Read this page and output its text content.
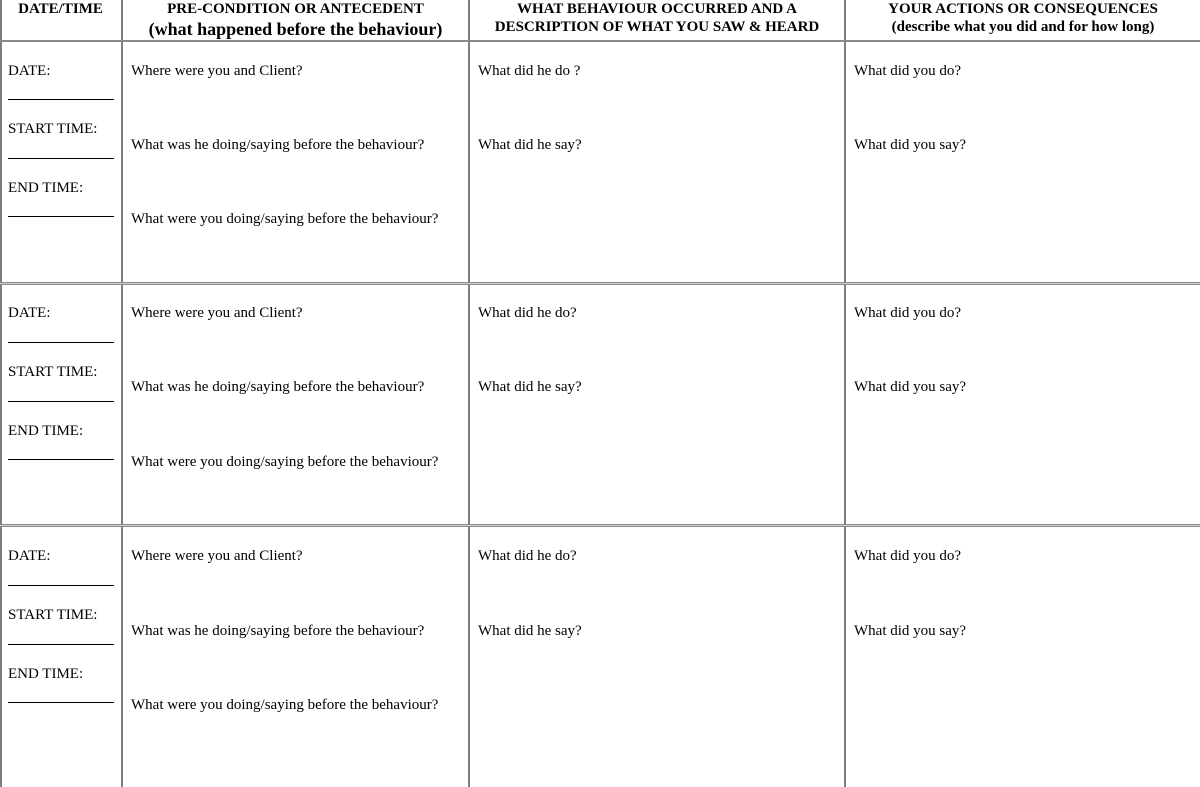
DATE/TIME	PRE-CONDITION OR ANTECEDENT
(what happened before the behaviour)
WHAT BEHAVIOUR OCCURRED AND A
DESCRIPTION OF WHAT YOU SAW & HEARD
YOUR ACTIONS OR CONSEQUENCES
(describe what you did and for how long)
DATE:
START TIME:
END TIME:
Where were you and Client?
What was he doing/saying before the behaviour?
What were you doing/saying before the behaviour?
What did he do ?
What did he say?
What did you do?
What did you say?
DATE:
START TIME:
END TIME:
Where were you and Client?
What was he doing/saying before the behaviour?
What were you doing/saying before the behaviour?
What did he do?
What did he say?
What did you do?
What did you say?
DATE:
START TIME:
END TIME:
Where were you and Client?
What was he doing/saying before the behaviour?
What were you doing/saying before the behaviour?
What did he do?
What did he say?
What did you do?
What did you say?
